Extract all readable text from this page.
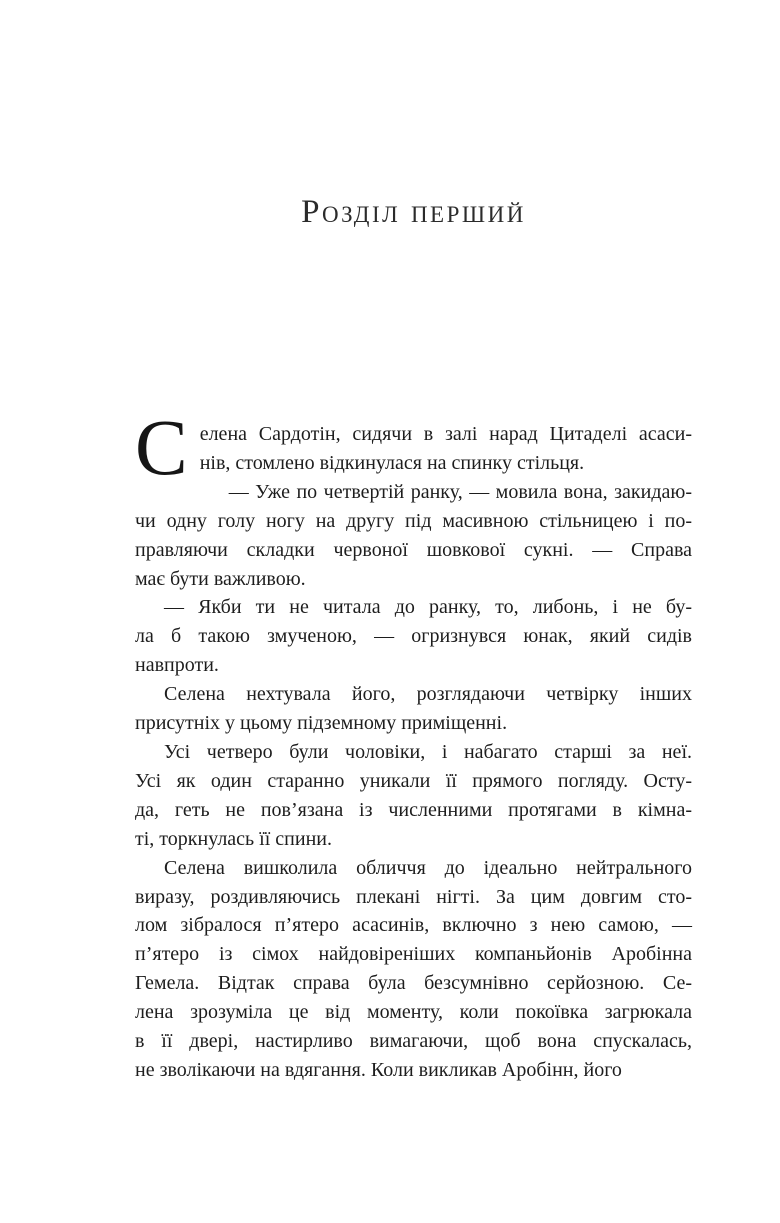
Розділ перший
С елена Сардотін, сидячи в залі нарад Цитаделі асаси-
нів, стомлено відкинулася на спинку стільця.
— Уже по четвертій ранку, — мовила вона, закидаю-
чи одну голу ногу на другу під масивною стільницею і по-
правляючи складки червоної шовкової сукні. — Справа
має бути важливою.
— Якби ти не читала до ранку, то, либонь, і не бу-
ла б такою змученою, — огризнувся юнак, який сидів
навпроти.
Селена нехтувала його, розглядаючи четвірку інших
присутніх у цьому підземному приміщенні.
Усі четверо були чоловіки, і набагато старші за неї.
Усі як один старанно уникали її прямого погляду. Осту-
да, геть не пов’язана із численними протягами в кімна-
ті, торкнулась її спини.
Селена вишколила обличчя до ідеально нейтрального
виразу, роздивляючись плекані нігті. За цим довгим сто-
лом зібралося п’ятеро асасинів, включно з нею самою, —
п’ятеро із сімох найдовіреніших компаньйонів Аробінна
Гемела. Відтак справа була безсумнівно серйозною. Се-
лена зрозуміла це від моменту, коли покоївка загрюкала
в її двері, настирливо вимагаючи, щоб вона спускалась,
не зволікаючи на вдягання. Коли викликав Аробінн, його
